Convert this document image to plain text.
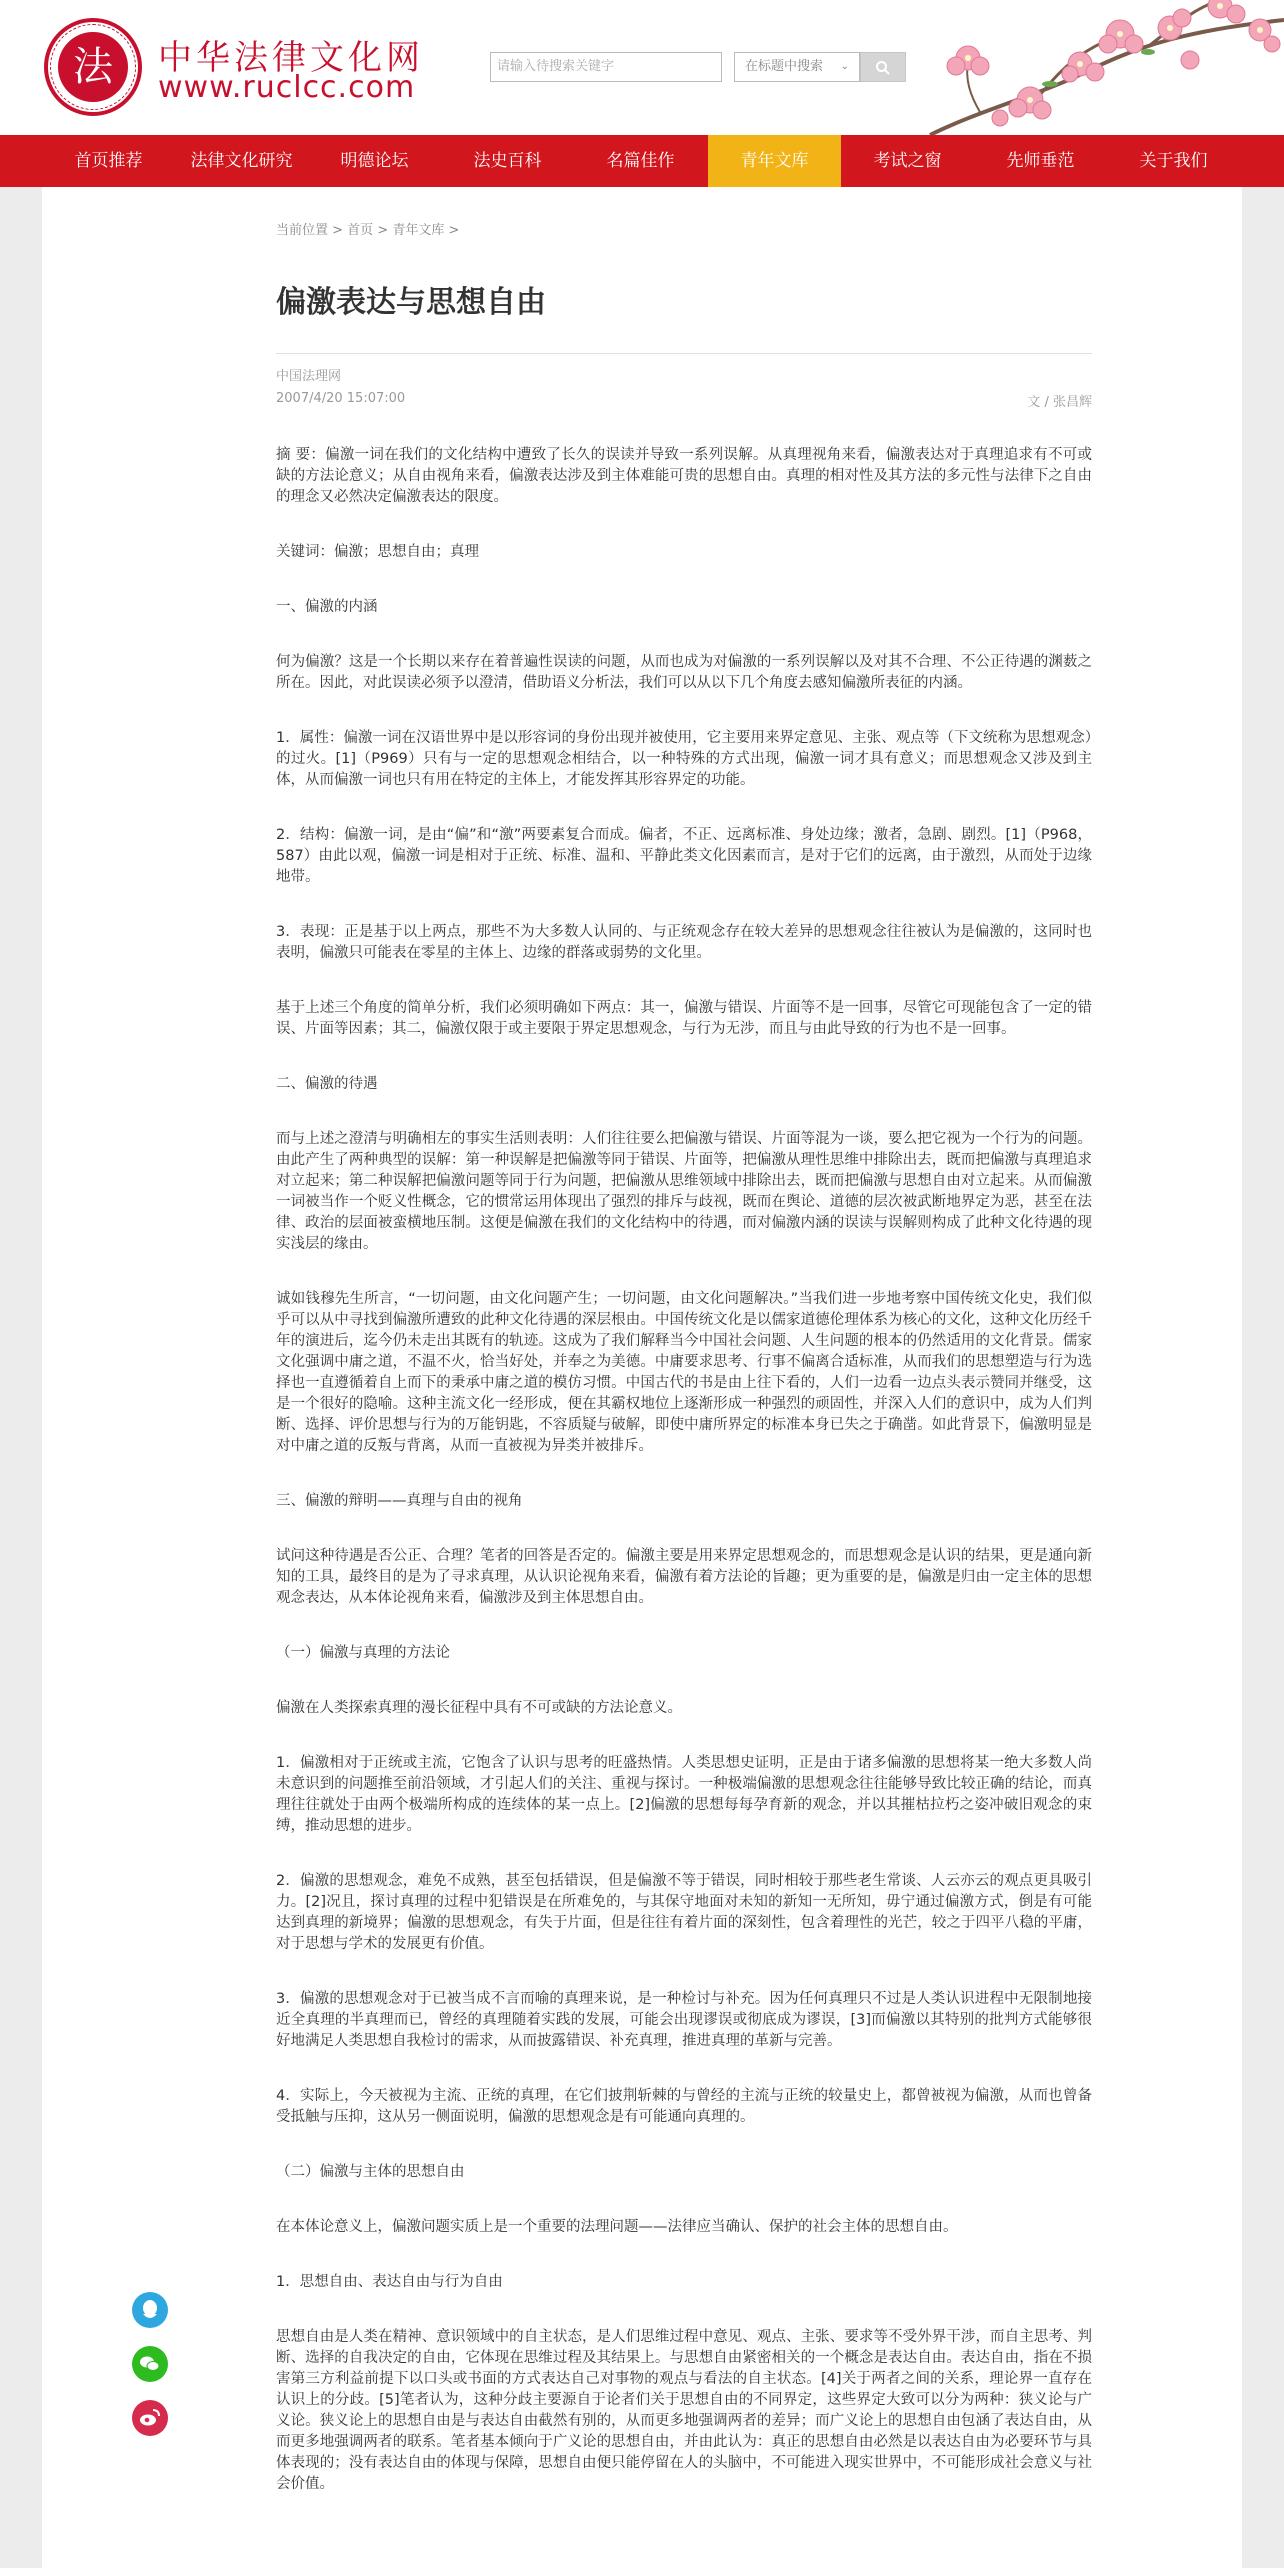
法	中华法律文化网
www.ruclcc.com
请输入待搜索关键字	在标题中搜索 ⌄
首页推荐	法律文化研究	明德论坛	法史百科	名篇佳作	青年文库	考试之窗	先师垂范	关于我们
当前位置 > 首页 > 青年文库 >
偏激表达与思想自由
中国法理网
2007/4/20 15:07:00	文 / 张昌辉

摘 要：偏激一词在我们的文化结构中遭致了长久的误读并导致一系列误解。从真理视角来看，偏激表达对于真理追求有不可或缺的方法论意义；从自由视角来看，偏激表达涉及到主体难能可贵的思想自由。真理的相对性及其方法的多元性与法律下之自由的理念又必然决定偏激表达的限度。

关键词：偏激；思想自由；真理

一、偏激的内涵

何为偏激？这是一个长期以来存在着普遍性误读的问题，从而也成为对偏激的一系列误解以及对其不合理、不公正待遇的渊薮之所在。因此，对此误读必须予以澄清，借助语义分析法，我们可以从以下几个角度去感知偏激所表征的内涵。

1．属性：偏激一词在汉语世界中是以形容词的身份出现并被使用，它主要用来界定意见、主张、观点等（下文统称为思想观念）的过火。[1]（P969）只有与一定的思想观念相结合，以一种特殊的方式出现，偏激一词才具有意义；而思想观念又涉及到主体，从而偏激一词也只有用在特定的主体上，才能发挥其形容界定的功能。

2．结构：偏激一词，是由“偏”和“激”两要素复合而成。偏者，不正、远离标准、身处边缘；激者，急剧、剧烈。[1]（P968，587）由此以观，偏激一词是相对于正统、标准、温和、平静此类文化因素而言，是对于它们的远离，由于激烈，从而处于边缘地带。

3．表现：正是基于以上两点，那些不为大多数人认同的、与正统观念存在较大差异的思想观念往往被认为是偏激的，这同时也表明，偏激只可能表在零星的主体上、边缘的群落或弱势的文化里。

基于上述三个角度的简单分析，我们必须明确如下两点：其一，偏激与错误、片面等不是一回事，尽管它可现能包含了一定的错误、片面等因素；其二，偏激仅限于或主要限于界定思想观念，与行为无涉，而且与由此导致的行为也不是一回事。

二、偏激的待遇

而与上述之澄清与明确相左的事实生活则表明：人们往往要么把偏激与错误、片面等混为一谈，要么把它视为一个行为的问题。由此产生了两种典型的误解：第一种误解是把偏激等同于错误、片面等，把偏激从理性思维中排除出去，既而把偏激与真理追求对立起来；第二种误解把偏激问题等同于行为问题，把偏激从思维领域中排除出去，既而把偏激与思想自由对立起来。从而偏激一词被当作一个贬义性概念，它的惯常运用体现出了强烈的排斥与歧视，既而在舆论、道德的层次被武断地界定为恶，甚至在法律、政治的层面被蛮横地压制。这便是偏激在我们的文化结构中的待遇，而对偏激内涵的误读与误解则构成了此种文化待遇的现实浅层的缘由。

诚如钱穆先生所言，“一切问题，由文化问题产生；一切问题，由文化问题解决。”当我们进一步地考察中国传统文化史，我们似乎可以从中寻找到偏激所遭致的此种文化待遇的深层根由。中国传统文化是以儒家道德伦理体系为核心的文化，这种文化历经千年的演进后，迄今仍未走出其既有的轨迹。这成为了我们解释当今中国社会问题、人生问题的根本的仍然适用的文化背景。儒家文化强调中庸之道，不温不火，恰当好处，并奉之为美德。中庸要求思考、行事不偏离合适标准，从而我们的思想塑造与行为选择也一直遵循着自上而下的秉承中庸之道的模仿习惯。中国古代的书是由上往下看的，人们一边看一边点头表示赞同并继受，这是一个很好的隐喻。这种主流文化一经形成，便在其霸权地位上逐渐形成一种强烈的顽固性，并深入人们的意识中，成为人们判断、选择、评价思想与行为的万能钥匙，不容质疑与破解，即使中庸所界定的标准本身已失之于确凿。如此背景下，偏激明显是对中庸之道的反叛与背离，从而一直被视为异类并被排斥。

三、偏激的辩明——真理与自由的视角

试问这种待遇是否公正、合理？笔者的回答是否定的。偏激主要是用来界定思想观念的，而思想观念是认识的结果，更是通向新知的工具，最终目的是为了寻求真理，从认识论视角来看，偏激有着方法论的旨趣；更为重要的是，偏激是归由一定主体的思想观念表达，从本体论视角来看，偏激涉及到主体思想自由。

（一）偏激与真理的方法论

偏激在人类探索真理的漫长征程中具有不可或缺的方法论意义。

1．偏激相对于正统或主流，它饱含了认识与思考的旺盛热情。人类思想史证明，正是由于诸多偏激的思想将某一绝大多数人尚未意识到的问题推至前沿领域，才引起人们的关注、重视与探讨。一种极端偏激的思想观念往往能够导致比较正确的结论，而真理往往就处于由两个极端所构成的连续体的某一点上。[2]偏激的思想每每孕育新的观念，并以其摧枯拉朽之姿冲破旧观念的束缚，推动思想的进步。

2．偏激的思想观念，难免不成熟，甚至包括错误，但是偏激不等于错误，同时相较于那些老生常谈、人云亦云的观点更具吸引力。[2]况且，探讨真理的过程中犯错误是在所难免的，与其保守地面对未知的新知一无所知，毋宁通过偏激方式，倒是有可能达到真理的新境界；偏激的思想观念，有失于片面，但是往往有着片面的深刻性，包含着理性的光芒，较之于四平八稳的平庸，对于思想与学术的发展更有价值。

3．偏激的思想观念对于已被当成不言而喻的真理来说，是一种检讨与补充。因为任何真理只不过是人类认识进程中无限制地接近全真理的半真理而已，曾经的真理随着实践的发展，可能会出现谬误或彻底成为谬误，[3]而偏激以其特别的批判方式能够很好地满足人类思想自我检讨的需求，从而披露错误、补充真理，推进真理的革新与完善。

4．实际上，今天被视为主流、正统的真理，在它们披荆斩棘的与曾经的主流与正统的较量史上，都曾被视为偏激，从而也曾备受抵触与压抑，这从另一侧面说明，偏激的思想观念是有可能通向真理的。

（二）偏激与主体的思想自由

在本体论意义上，偏激问题实质上是一个重要的法理问题——法律应当确认、保护的社会主体的思想自由。

1．思想自由、表达自由与行为自由

思想自由是人类在精神、意识领域中的自主状态，是人们思维过程中意见、观点、主张、要求等不受外界干涉，而自主思考、判断、选择的自我决定的自由，它体现在思维过程及其结果上。与思想自由紧密相关的一个概念是表达自由。表达自由，指在不损害第三方利益前提下以口头或书面的方式表达自己对事物的观点与看法的自主状态。[4]关于两者之间的关系，理论界一直存在认识上的分歧。[5]笔者认为，这种分歧主要源自于论者们关于思想自由的不同界定，这些界定大致可以分为两种：狭义论与广义论。狭义论上的思想自由是与表达自由截然有别的，从而更多地强调两者的差异；而广义论上的思想自由包涵了表达自由，从而更多地强调两者的联系。笔者基本倾向于广义论的思想自由，并由此认为：真正的思想自由必然是以表达自由为必要环节与具体表现的；没有表达自由的体现与保障，思想自由便只能停留在人的头脑中，不可能进入现实世界中，不可能形成社会意义与社会价值。
